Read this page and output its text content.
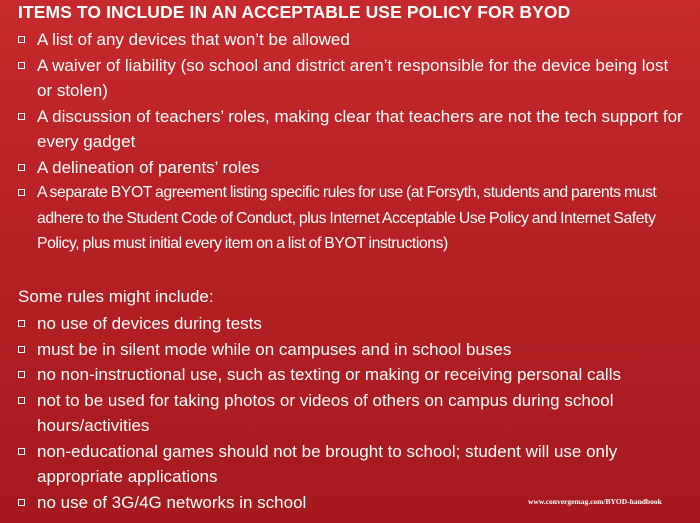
ITEMS TO INCLUDE IN AN ACCEPTABLE USE POLICY FOR BYOD
A list of any devices that won’t be allowed
A waiver of liability (so school and district aren’t responsible for the device being lost or stolen)
A discussion of teachers’ roles, making clear that teachers are not the tech support for every gadget
A delineation of parents’ roles
A separate BYOT agreement listing specific rules for use (at Forsyth, students and parents must adhere to the Student Code of Conduct, plus Internet Acceptable Use Policy and Internet Safety Policy, plus must initial every item on a list of BYOT instructions)
Some rules might include:
no use of devices during tests
must be in silent mode while on campuses and in school buses
no non-instructional use, such as texting or making or receiving personal calls
not to be used for taking photos or videos of others on campus during school hours/activities
non-educational games should not be brought to school; student will use only appropriate applications
no use of 3G/4G networks in school	www.convergemag.com/BYOD-handbook
